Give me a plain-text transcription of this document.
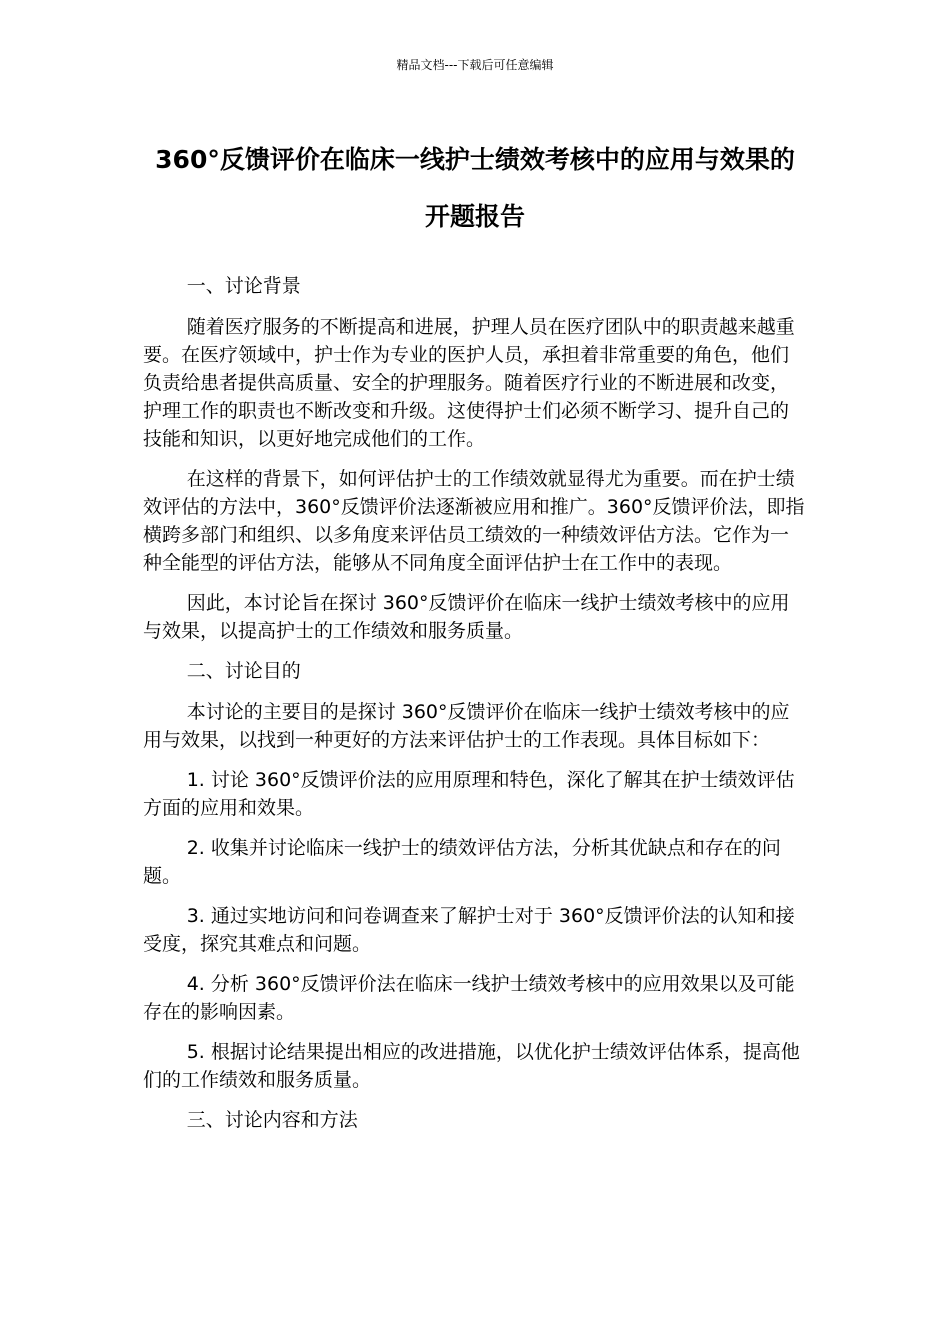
精品文档---下载后可任意编辑
360°反馈评价在临床一线护士绩效考核中的应用与效果的开题报告

一、讨论背景

随着医疗服务的不断提高和进展，护理人员在医疗团队中的职责越来越重要。在医疗领域中，护士作为专业的医护人员，承担着非常重要的角色，他们负责给患者提供高质量、安全的护理服务。随着医疗行业的不断进展和改变，护理工作的职责也不断改变和升级。这使得护士们必须不断学习、提升自己的技能和知识，以更好地完成他们的工作。

在这样的背景下，如何评估护士的工作绩效就显得尤为重要。而在护士绩效评估的方法中，360°反馈评价法逐渐被应用和推广。360°反馈评价法，即指横跨多部门和组织、以多角度来评估员工绩效的一种绩效评估方法。它作为一种全能型的评估方法，能够从不同角度全面评估护士在工作中的表现。

因此，本讨论旨在探讨 360°反馈评价在临床一线护士绩效考核中的应用与效果，以提高护士的工作绩效和服务质量。

二、讨论目的

本讨论的主要目的是探讨 360°反馈评价在临床一线护士绩效考核中的应用与效果，以找到一种更好的方法来评估护士的工作表现。具体目标如下：

1. 讨论 360°反馈评价法的应用原理和特色，深化了解其在护士绩效评估方面的应用和效果。

2. 收集并讨论临床一线护士的绩效评估方法，分析其优缺点和存在的问题。

3. 通过实地访问和问卷调查来了解护士对于 360°反馈评价法的认知和接受度，探究其难点和问题。

4. 分析 360°反馈评价法在临床一线护士绩效考核中的应用效果以及可能存在的影响因素。

5. 根据讨论结果提出相应的改进措施，以优化护士绩效评估体系，提高他们的工作绩效和服务质量。

三、讨论内容和方法
